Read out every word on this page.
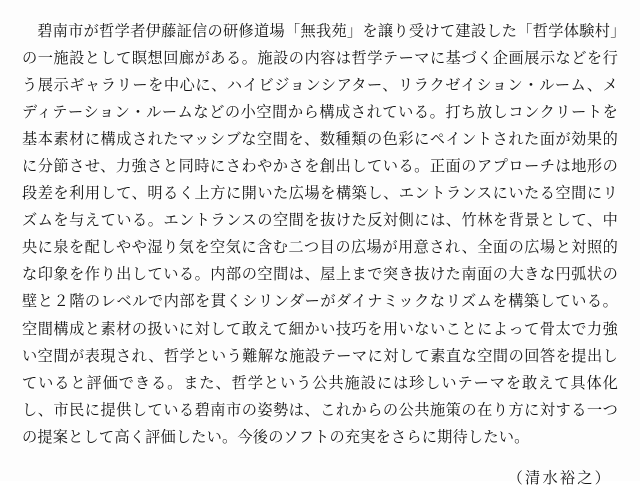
碧南市が哲学者伊藤証信の研修道場「無我苑」を譲り受けて建設した「哲学体験村」の一施設として瞑想回廊がある。施設の内容は哲学テーマに基づく企画展示などを行う展示ギャラリーを中心に、ハイビジョンシアター、リラクゼイション・ルーム、メディテーション・ルームなどの小空間から構成されている。打ち放しコンクリートを基本素材に構成されたマッシブな空間を、数種類の色彩にペイントされた面が効果的に分節させ、力強さと同時にさわやかさを創出している。正面のアプローチは地形の段差を利用して、明るく上方に開いた広場を構築し、エントランスにいたる空間にリズムを与えている。エントランスの空間を抜けた反対側には、竹林を背景として、中央に泉を配しやや湿り気を空気に含む二つ目の広場が用意され、全面の広場と対照的な印象を作り出している。内部の空間は、屋上まで突き抜けた南面の大きな円弧状の壁と２階のレベルで内部を貫くシリンダーがダイナミックなリズムを構築している。空間構成と素材の扱いに対して敢えて細かい技巧を用いないことによって骨太で力強い空間が表現され、哲学という難解な施設テーマに対して素直な空間の回答を提出していると評価できる。また、哲学という公共施設には珍しいテーマを敢えて具体化し、市民に提供している碧南市の姿勢は、これからの公共施策の在り方に対する一つの提案として高く評価したい。今後のソフトの充実をさらに期待したい。

（清水裕之）
